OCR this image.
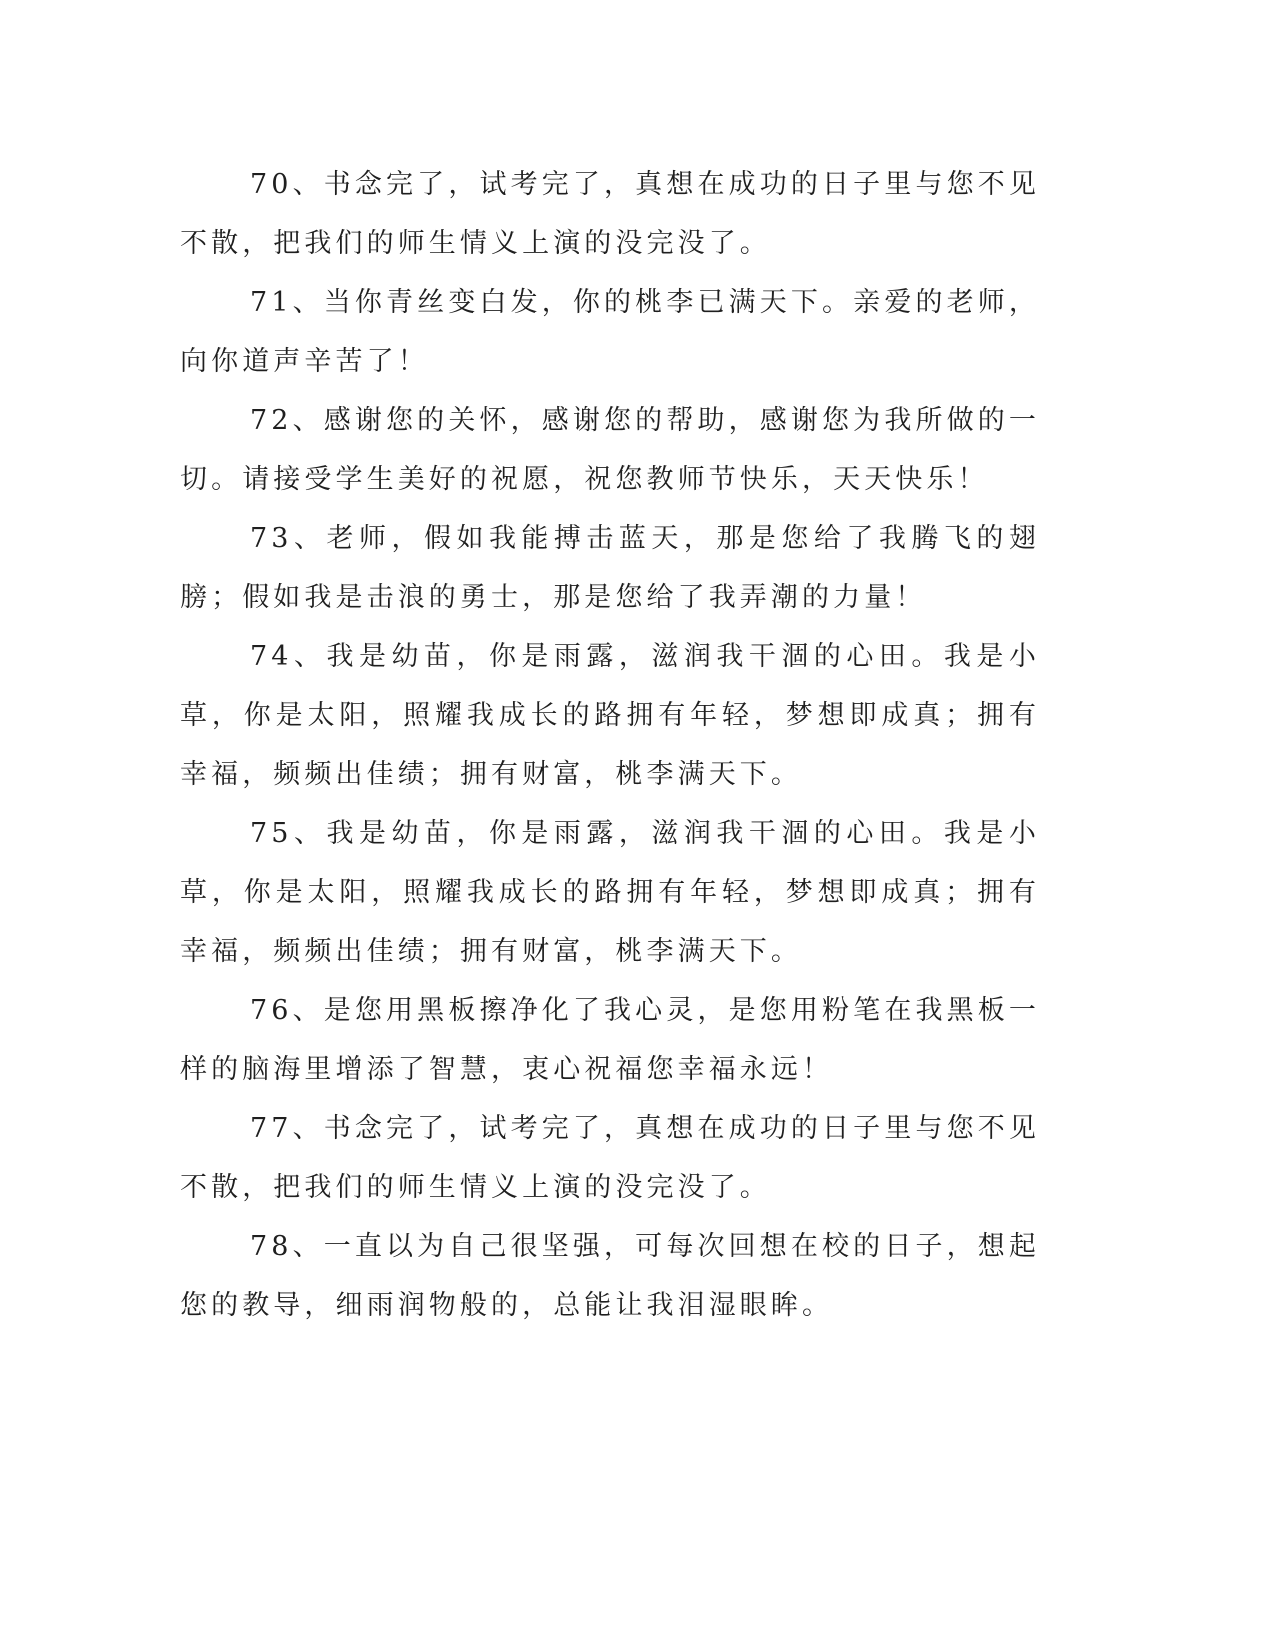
70、书念完了，试考完了，真想在成功的日子里与您不见不散，把我们的师生情义上演的没完没了。

71、当你青丝变白发，你的桃李已满天下。亲爱的老师，向你道声辛苦了！

72、感谢您的关怀，感谢您的帮助，感谢您为我所做的一切。请接受学生美好的祝愿，祝您教师节快乐，天天快乐！

73、老师，假如我能搏击蓝天，那是您给了我腾飞的翅膀；假如我是击浪的勇士，那是您给了我弄潮的力量！

74、我是幼苗，你是雨露，滋润我干涸的心田。我是小草，你是太阳，照耀我成长的路拥有年轻，梦想即成真；拥有幸福，频频出佳绩；拥有财富，桃李满天下。

75、我是幼苗，你是雨露，滋润我干涸的心田。我是小草，你是太阳，照耀我成长的路拥有年轻，梦想即成真；拥有幸福，频频出佳绩；拥有财富，桃李满天下。

76、是您用黑板擦净化了我心灵，是您用粉笔在我黑板一样的脑海里增添了智慧，衷心祝福您幸福永远！

77、书念完了，试考完了，真想在成功的日子里与您不见不散，把我们的师生情义上演的没完没了。

78、一直以为自己很坚强，可每次回想在校的日子，想起您的教导，细雨润物般的，总能让我泪湿眼眸。
